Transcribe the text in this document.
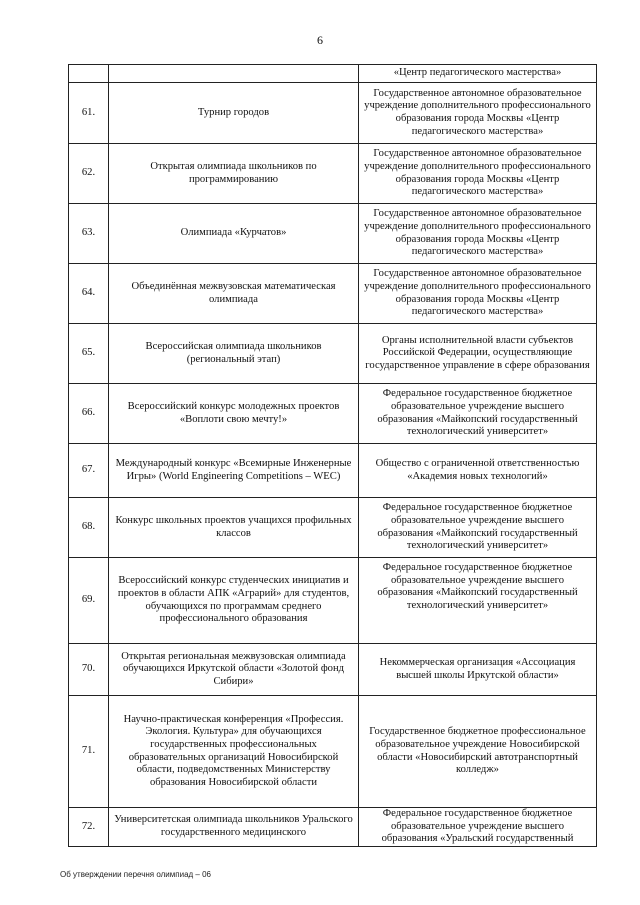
6
		«Центр педагогического мастерства»
61.	Турнир городов	Государственное автономное образовательное учреждение дополнительного профессионального образования города Москвы «Центр педагогического мастерства»
62.	Открытая олимпиада школьников по программированию	Государственное автономное образовательное учреждение дополнительного профессионального образования города Москвы «Центр педагогического мастерства»
63.	Олимпиада «Курчатов»	Государственное автономное образовательное учреждение дополнительного профессионального образования города Москвы «Центр педагогического мастерства»
64.	Объединённая межвузовская математическая олимпиада	Государственное автономное образовательное учреждение дополнительного профессионального образования города Москвы «Центр педагогического мастерства»
65.	Всероссийская олимпиада школьников (региональный этап)	Органы исполнительной власти субъектов Российской Федерации, осуществляющие государственное управление в сфере образования
66.	Всероссийский конкурс молодежных проектов «Воплоти свою мечту!»	Федеральное государственное бюджетное образовательное учреждение высшего образования «Майкопский государственный технологический университет»
67.	Международный конкурс «Всемирные Инженерные Игры» (World Engineering Competitions – WEC)	Общество с ограниченной ответственностью «Академия новых технологий»
68.	Конкурс школьных проектов учащихся профильных классов	Федеральное государственное бюджетное образовательное учреждение высшего образования «Майкопский государственный технологический университет»
69.	Всероссийский конкурс студенческих инициатив и проектов в области АПК «Аграрий» для студентов, обучающихся по программам среднего профессионального образования	Федеральное государственное бюджетное образовательное учреждение высшего образования «Майкопский государственный технологический университет»
70.	Открытая региональная межвузовская олимпиада обучающихся Иркутской области «Золотой фонд Сибири»	Некоммерческая организация «Ассоциация высшей школы Иркутской области»
71.	Научно-практическая конференция «Профессия. Экология. Культура» для обучающихся государственных профессиональных образовательных организаций Новосибирской области, подведомственных Министерству образования Новосибирской области	Государственное бюджетное профессиональное образовательное учреждение Новосибирской области «Новосибирский автотранспортный колледж»
72.	Университетская олимпиада школьников Уральского государственного медицинского	Федеральное государственное бюджетное образовательное учреждение высшего образования «Уральский государственный
Об утверждении перечня олимпиад – 06
